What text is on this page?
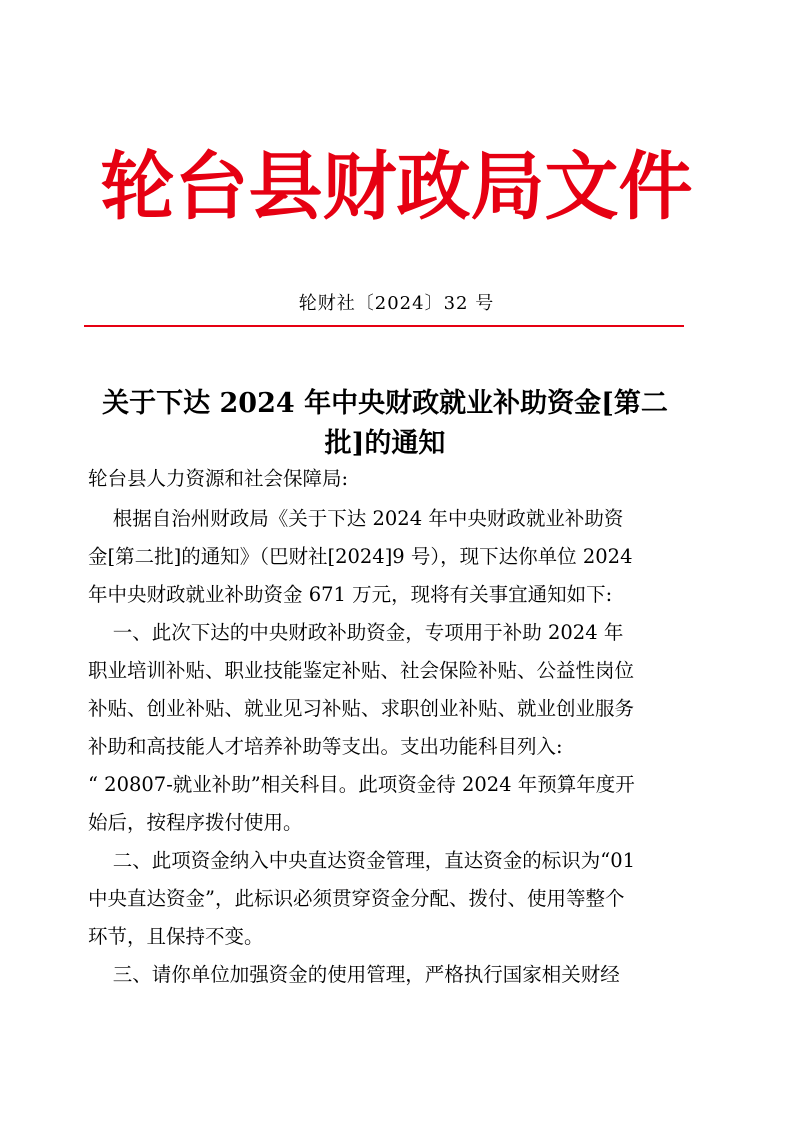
轮台县财政局文件
轮财社〔2024〕32 号
关于下达 2024 年中央财政就业补助资金[第二
批]的通知
轮台县人力资源和社会保障局:
根据自治州财政局《关于下达 2024 年中央财政就业补助资
金[第二批]的通知》（巴财社[2024]9 号），现下达你单位 2024
年中央财政就业补助资金 671 万元，现将有关事宜通知如下:
一、此次下达的中央财政补助资金，专项用于补助 2024 年
职业培训补贴、职业技能鉴定补贴、社会保险补贴、公益性岗位
补贴、创业补贴、就业见习补贴、求职创业补贴、就业创业服务
补助和高技能人才培养补助等支出。支出功能科目列入:
“ 20807-就业补助”相关科目。此项资金待 2024 年预算年度开
始后，按程序拨付使用。
二、此项资金纳入中央直达资金管理，直达资金的标识为“01
中央直达资金”，此标识必须贯穿资金分配、拨付、使用等整个
环节，且保持不变。
三、请你单位加强资金的使用管理，严格执行国家相关财经
